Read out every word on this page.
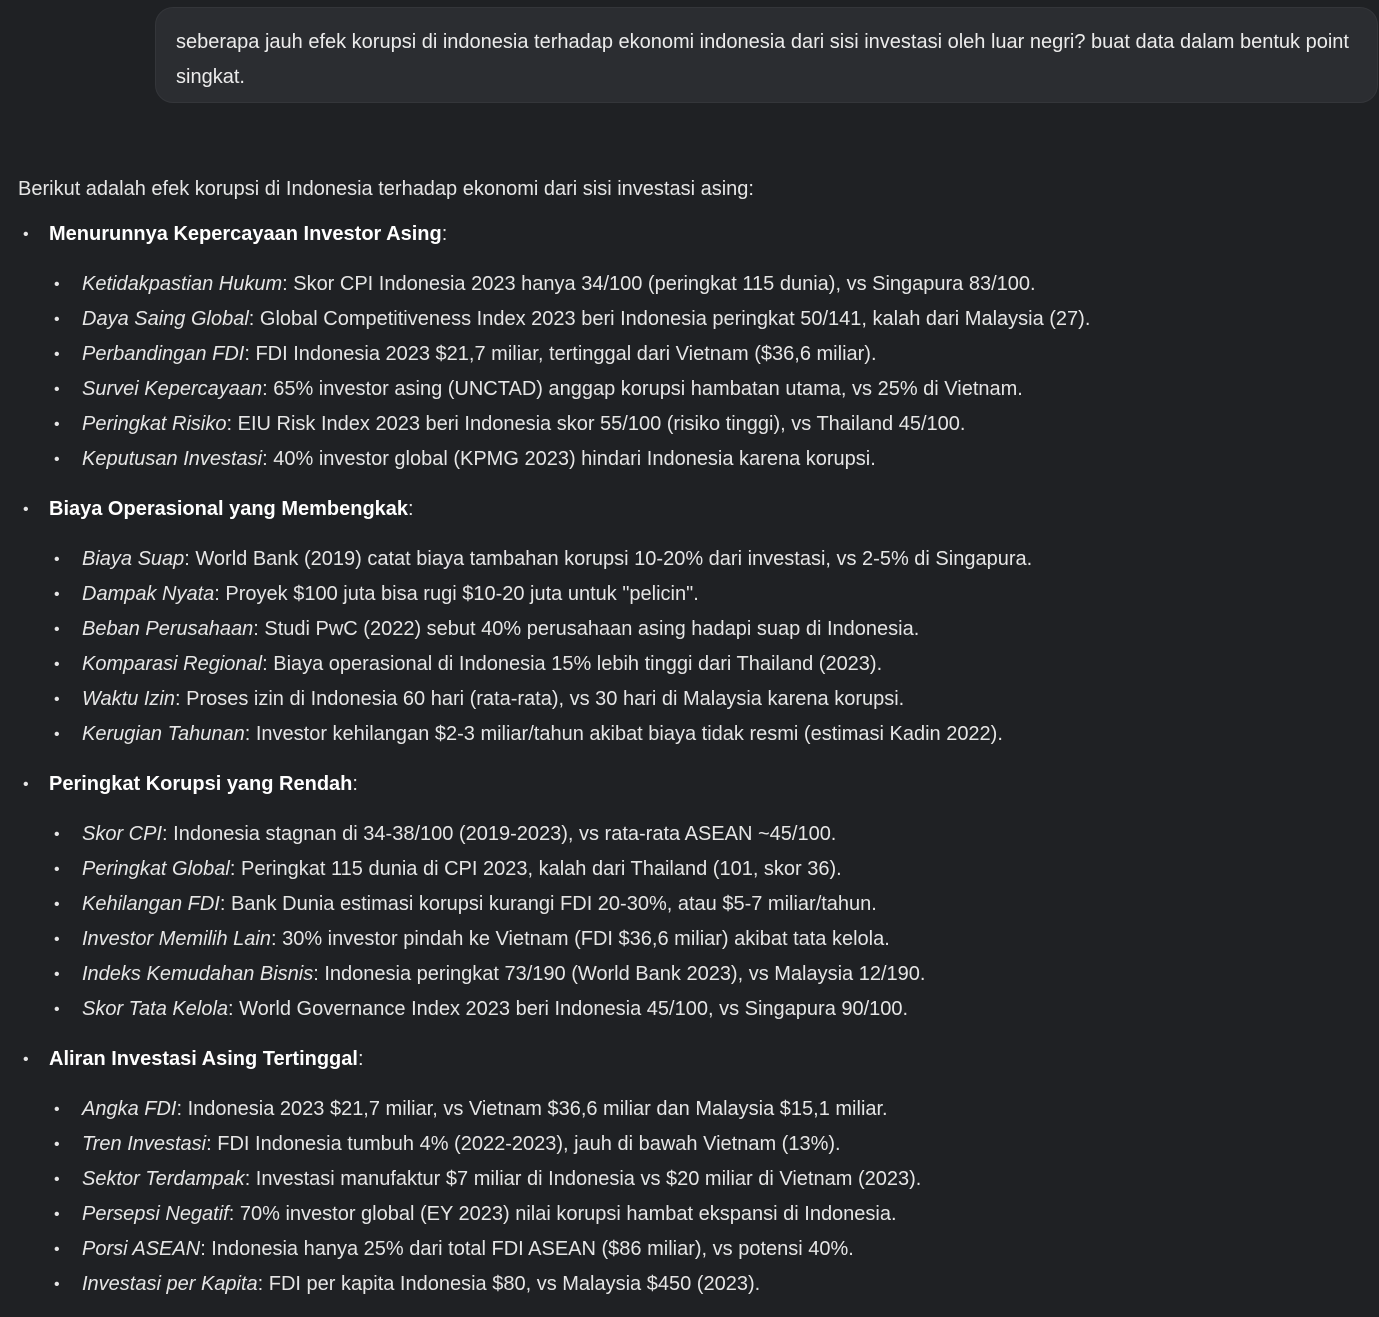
seberapa jauh efek korupsi di indonesia terhadap ekonomi indonesia dari sisi investasi oleh luar negri? buat data dalam bentuk point singkat.

Berikut adalah efek korupsi di Indonesia terhadap ekonomi dari sisi investasi asing:

• Menurunnya Kepercayaan Investor Asing:
• Ketidakpastian Hukum: Skor CPI Indonesia 2023 hanya 34/100 (peringkat 115 dunia), vs Singapura 83/100.
• Daya Saing Global: Global Competitiveness Index 2023 beri Indonesia peringkat 50/141, kalah dari Malaysia (27).
• Perbandingan FDI: FDI Indonesia 2023 $21,7 miliar, tertinggal dari Vietnam ($36,6 miliar).
• Survei Kepercayaan: 65% investor asing (UNCTAD) anggap korupsi hambatan utama, vs 25% di Vietnam.
• Peringkat Risiko: EIU Risk Index 2023 beri Indonesia skor 55/100 (risiko tinggi), vs Thailand 45/100.
• Keputusan Investasi: 40% investor global (KPMG 2023) hindari Indonesia karena korupsi.
• Biaya Operasional yang Membengkak:
• Biaya Suap: World Bank (2019) catat biaya tambahan korupsi 10-20% dari investasi, vs 2-5% di Singapura.
• Dampak Nyata: Proyek $100 juta bisa rugi $10-20 juta untuk "pelicin".
• Beban Perusahaan: Studi PwC (2022) sebut 40% perusahaan asing hadapi suap di Indonesia.
• Komparasi Regional: Biaya operasional di Indonesia 15% lebih tinggi dari Thailand (2023).
• Waktu Izin: Proses izin di Indonesia 60 hari (rata-rata), vs 30 hari di Malaysia karena korupsi.
• Kerugian Tahunan: Investor kehilangan $2-3 miliar/tahun akibat biaya tidak resmi (estimasi Kadin 2022).
• Peringkat Korupsi yang Rendah:
• Skor CPI: Indonesia stagnan di 34-38/100 (2019-2023), vs rata-rata ASEAN ~45/100.
• Peringkat Global: Peringkat 115 dunia di CPI 2023, kalah dari Thailand (101, skor 36).
• Kehilangan FDI: Bank Dunia estimasi korupsi kurangi FDI 20-30%, atau $5-7 miliar/tahun.
• Investor Memilih Lain: 30% investor pindah ke Vietnam (FDI $36,6 miliar) akibat tata kelola.
• Indeks Kemudahan Bisnis: Indonesia peringkat 73/190 (World Bank 2023), vs Malaysia 12/190.
• Skor Tata Kelola: World Governance Index 2023 beri Indonesia 45/100, vs Singapura 90/100.
• Aliran Investasi Asing Tertinggal:
• Angka FDI: Indonesia 2023 $21,7 miliar, vs Vietnam $36,6 miliar dan Malaysia $15,1 miliar.
• Tren Investasi: FDI Indonesia tumbuh 4% (2022-2023), jauh di bawah Vietnam (13%).
• Sektor Terdampak: Investasi manufaktur $7 miliar di Indonesia vs $20 miliar di Vietnam (2023).
• Persepsi Negatif: 70% investor global (EY 2023) nilai korupsi hambat ekspansi di Indonesia.
• Porsi ASEAN: Indonesia hanya 25% dari total FDI ASEAN ($86 miliar), vs potensi 40%.
• Investasi per Kapita: FDI per kapita Indonesia $80, vs Malaysia $450 (2023).
